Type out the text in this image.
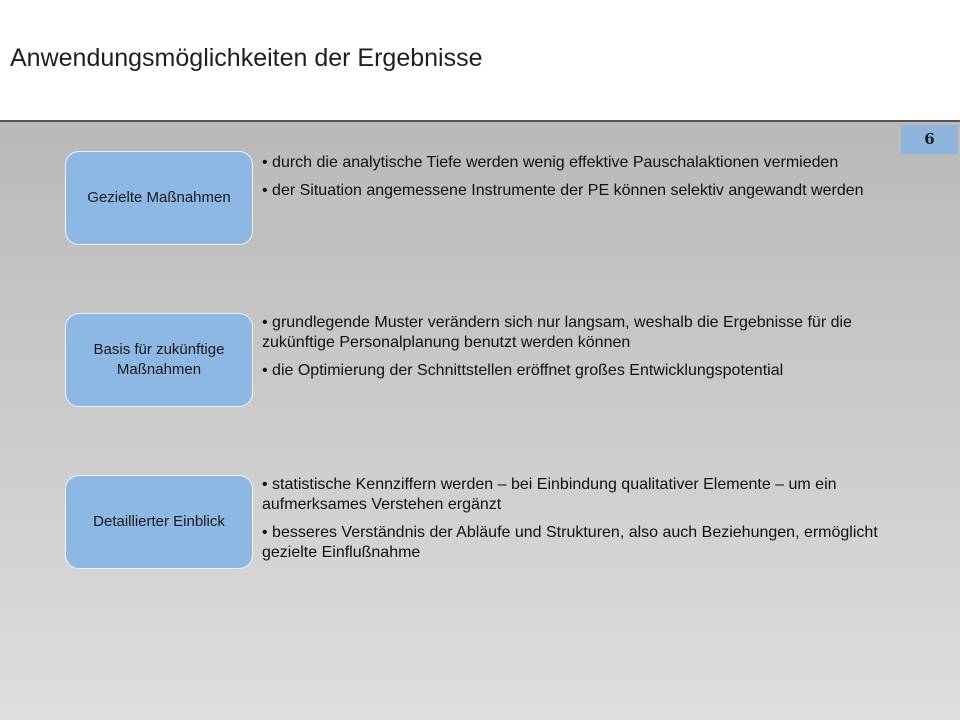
Anwendungsmöglichkeiten der Ergebnisse
6
Gezielte Maßnahmen
• durch die analytische Tiefe werden wenig effektive Pauschalaktionen vermieden
• der Situation angemessene Instrumente der PE können selektiv angewandt werden
Basis für zukünftige Maßnahmen
• grundlegende Muster verändern sich nur langsam, weshalb die Ergebnisse für die zukünftige Personalplanung benutzt werden können
• die Optimierung der Schnittstellen eröffnet großes Entwicklungspotential
Detaillierter Einblick
• statistische Kennziffern werden – bei Einbindung qualitativer Elemente – um ein aufmerksames Verstehen ergänzt
• besseres Verständnis der Abläufe und Strukturen, also auch Beziehungen, ermöglicht gezielte Einflußnahme
